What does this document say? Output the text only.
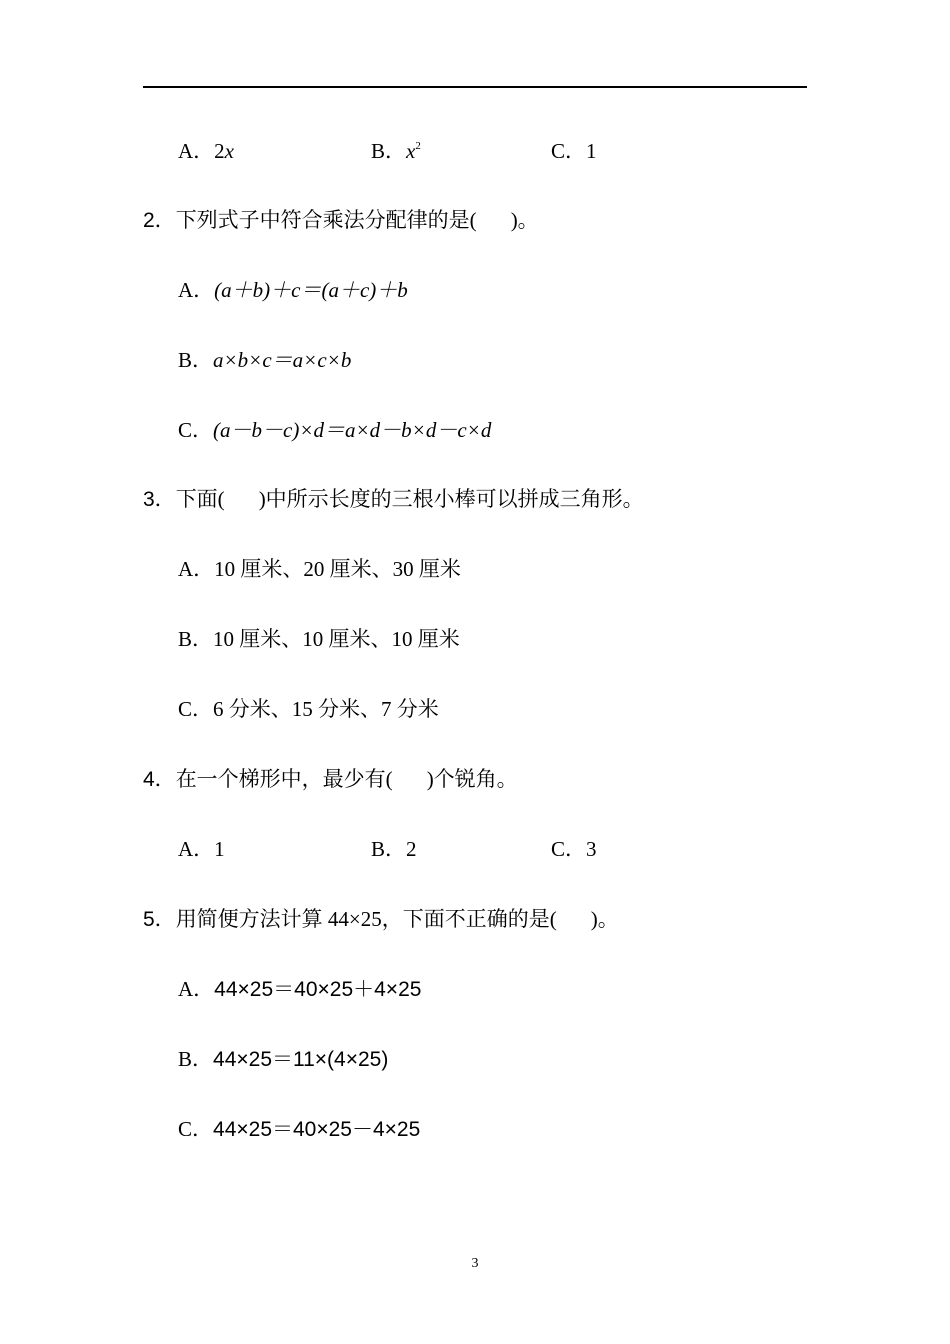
A．2x	B．$x^2$	C．1
2．下列式子中符合乘法分配律的是( )。
A．(a＋b)＋c＝(a＋c)＋b
B．a×b×c＝a×c×b
C．(a－b－c)×d＝a×d－b×d－c×d
3．下面( )中所示长度的三根小棒可以拼成三角形。
A．10 厘米、20 厘米、30 厘米
B．10 厘米、10 厘米、10 厘米
C．6 分米、15 分米、7 分米
4．在一个梯形中，最少有( )个锐角。
A．1	B．2	C．3
5．用简便方法计算 44×25，下面不正确的是( )。
A．44×25＝40×25＋4×25
B．44×25＝11×(4×25)
C．44×25＝40×25－4×25
3
